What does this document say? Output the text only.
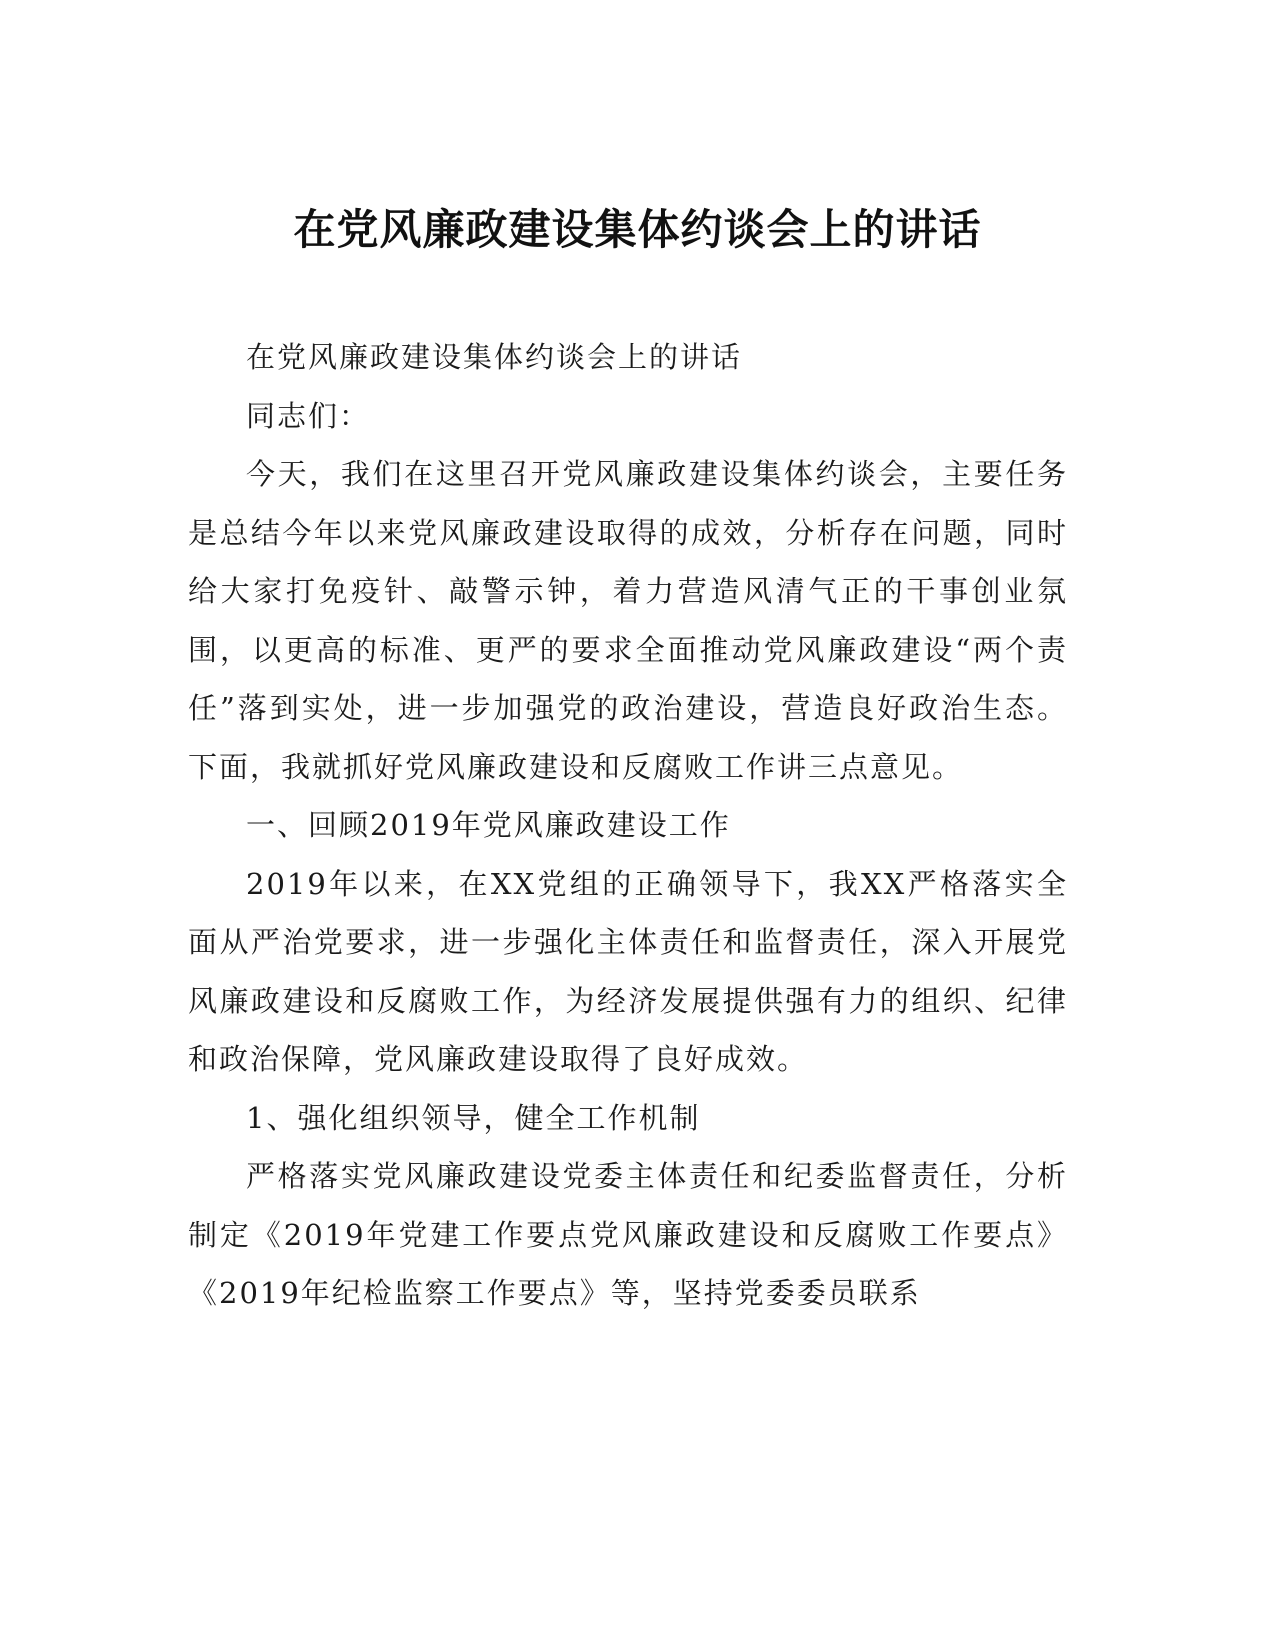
在党风廉政建设集体约谈会上的讲话

在党风廉政建设集体约谈会上的讲话

同志们：

今天，我们在这里召开党风廉政建设集体约谈会，主要任务是总结今年以来党风廉政建设取得的成效，分析存在问题，同时给大家打免疫针、敲警示钟，着力营造风清气正的干事创业氛围，以更高的标准、更严的要求全面推动党风廉政建设“两个责任”落到实处，进一步加强党的政治建设，营造良好政治生态。下面，我就抓好党风廉政建设和反腐败工作讲三点意见。

一、回顾2019年党风廉政建设工作

2019年以来，在XX党组的正确领导下，我XX严格落实全面从严治党要求，进一步强化主体责任和监督责任，深入开展党风廉政建设和反腐败工作，为经济发展提供强有力的组织、纪律和政治保障，党风廉政建设取得了良好成效。

1、强化组织领导，健全工作机制

严格落实党风廉政建设党委主体责任和纪委监督责任，分析制定《2019年党建工作要点党风廉政建设和反腐败工作要点》《2019年纪检监察工作要点》等，坚持党委委员联系
